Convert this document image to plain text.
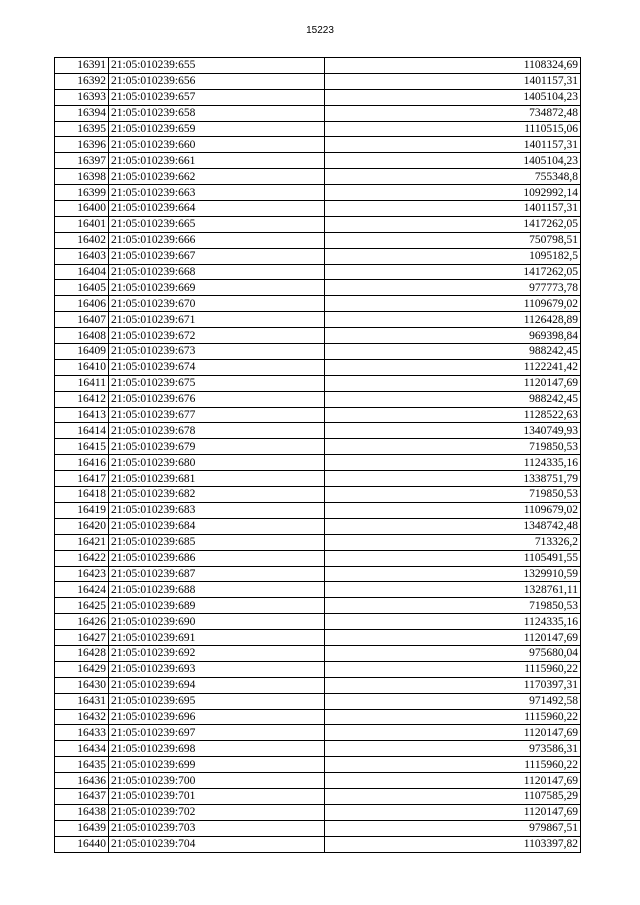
15223
16391	21:05:010239:655	1108324,69
16392	21:05:010239:656	1401157,31
16393	21:05:010239:657	1405104,23
16394	21:05:010239:658	734872,48
16395	21:05:010239:659	1110515,06
16396	21:05:010239:660	1401157,31
16397	21:05:010239:661	1405104,23
16398	21:05:010239:662	755348,8
16399	21:05:010239:663	1092992,14
16400	21:05:010239:664	1401157,31
16401	21:05:010239:665	1417262,05
16402	21:05:010239:666	750798,51
16403	21:05:010239:667	1095182,5
16404	21:05:010239:668	1417262,05
16405	21:05:010239:669	977773,78
16406	21:05:010239:670	1109679,02
16407	21:05:010239:671	1126428,89
16408	21:05:010239:672	969398,84
16409	21:05:010239:673	988242,45
16410	21:05:010239:674	1122241,42
16411	21:05:010239:675	1120147,69
16412	21:05:010239:676	988242,45
16413	21:05:010239:677	1128522,63
16414	21:05:010239:678	1340749,93
16415	21:05:010239:679	719850,53
16416	21:05:010239:680	1124335,16
16417	21:05:010239:681	1338751,79
16418	21:05:010239:682	719850,53
16419	21:05:010239:683	1109679,02
16420	21:05:010239:684	1348742,48
16421	21:05:010239:685	713326,2
16422	21:05:010239:686	1105491,55
16423	21:05:010239:687	1329910,59
16424	21:05:010239:688	1328761,11
16425	21:05:010239:689	719850,53
16426	21:05:010239:690	1124335,16
16427	21:05:010239:691	1120147,69
16428	21:05:010239:692	975680,04
16429	21:05:010239:693	1115960,22
16430	21:05:010239:694	1170397,31
16431	21:05:010239:695	971492,58
16432	21:05:010239:696	1115960,22
16433	21:05:010239:697	1120147,69
16434	21:05:010239:698	973586,31
16435	21:05:010239:699	1115960,22
16436	21:05:010239:700	1120147,69
16437	21:05:010239:701	1107585,29
16438	21:05:010239:702	1120147,69
16439	21:05:010239:703	979867,51
16440	21:05:010239:704	1103397,82
